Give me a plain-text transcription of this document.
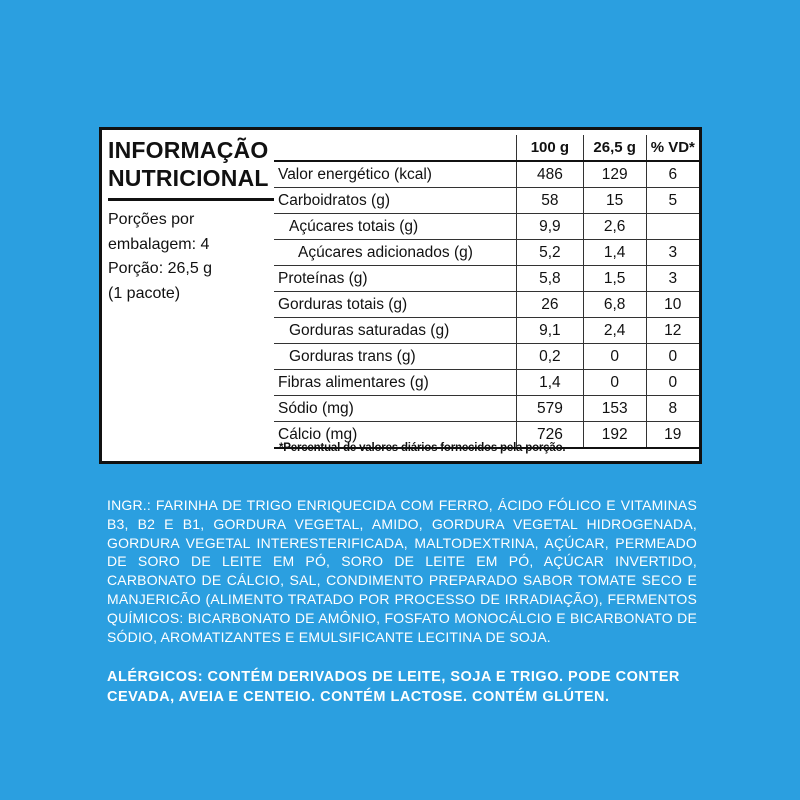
INFORMAÇÃO
NUTRICIONAL
Porções por
embalagem: 4
Porção: 26,5 g
(1 pacote)
	100 g	26,5 g	% VD*
Valor energético (kcal)	486	129	6
Carboidratos (g)	58	15	5
Açúcares totais (g)	9,9	2,6	
Açúcares adicionados (g)	5,2	1,4	3
Proteínas (g)	5,8	1,5	3
Gorduras totais (g)	26	6,8	10
Gorduras saturadas (g)	9,1	2,4	12
Gorduras trans (g)	0,2	0	0
Fibras alimentares (g)	1,4	0	0
Sódio (mg)	579	153	8
Cálcio (mg)	726	192	19
*Percentual de valores diários fornecidos pela porção.
INGR.: FARINHA DE TRIGO ENRIQUECIDA COM FERRO, ÁCIDO FÓLICO E VITAMINAS B3, B2 E B1, GORDURA VEGETAL, AMIDO, GORDURA VEGETAL HIDROGENADA, GORDURA VEGETAL INTERESTERIFICADA, MALTODEXTRINA, AÇÚCAR, PERMEADO DE SORO DE LEITE EM PÓ, SORO DE LEITE EM PÓ, AÇÚCAR INVERTIDO, CARBONATO DE CÁLCIO, SAL, CONDIMENTO PREPARADO SABOR TOMATE SECO E MANJERICÃO (ALIMENTO TRATADO POR PROCESSO DE IRRADIAÇÃO), FERMENTOS QUÍMICOS: BICARBONATO DE AMÔNIO, FOSFATO MONOCÁLCIO E BICARBONATO DE SÓDIO, AROMATIZANTES E EMULSIFICANTE LECITINA DE SOJA.
ALÉRGICOS: CONTÉM DERIVADOS DE LEITE, SOJA E TRIGO. PODE CONTER CEVADA, AVEIA E CENTEIO. CONTÉM LACTOSE. CONTÉM GLÚTEN.
